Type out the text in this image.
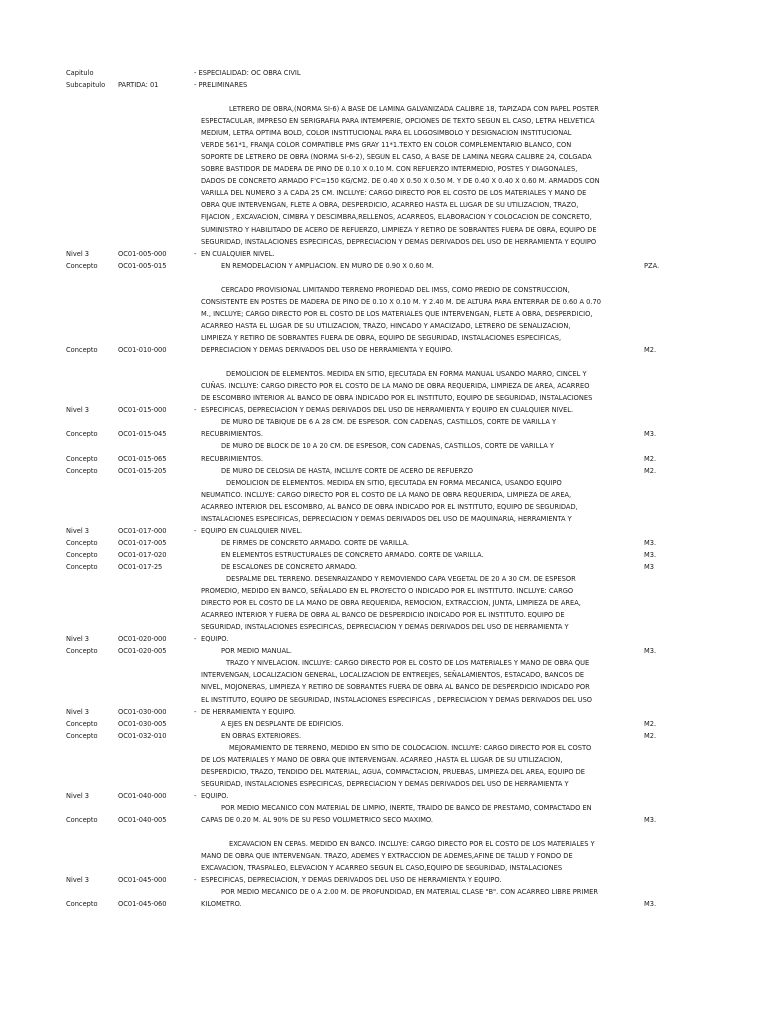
Capitulo	- ESPECIALIDAD: OC OBRA CIVIL
Subcapitulo PARTIDA: 01	- PRELIMINARES
LETRERO DE OBRA,(NORMA SI-6) A BASE DE LAMINA GALVANIZADA CALIBRE 18, TAPIZADA CON PAPEL POSTER
ESPECTACULAR, IMPRESO EN SERIGRAFIA PARA INTEMPERIE, OPCIONES DE TEXTO SEGUN EL CASO, LETRA HELVETICA
MEDIUM, LETRA OPTIMA BOLD, COLOR INSTITUCIONAL PARA EL LOGOSIMBOLO Y DESIGNACION INSTITUCIONAL
VERDE 561*1, FRANJA COLOR COMPATIBLE PMS GRAY 11*1.TEXTO EN COLOR COMPLEMENTARIO BLANCO, CON
SOPORTE DE LETRERO DE OBRA (NORMA SI-6-2), SEGUN EL CASO, A BASE DE LAMINA NEGRA CALIBRE 24, COLGADA
SOBRE BASTIDOR DE MADERA DE PINO DE 0.10 X 0.10 M. CON REFUERZO INTERMEDIO, POSTES Y DIAGONALES,
DADOS DE CONCRETO ARMADO F'C=150 KG/CM2. DE 0.40 X 0.50 X 0.50 M. Y DE 0.40 X 0.40 X 0.60 M. ARMADOS CON
VARILLA DEL NUMERO 3 A CADA 25 CM. INCLUYE: CARGO DIRECTO POR EL COSTO DE LOS MATERIALES Y MANO DE
OBRA QUE INTERVENGAN, FLETE A OBRA, DESPERDICIO, ACARREO HASTA EL LUGAR DE SU UTILIZACION, TRAZO,
FIJACION , EXCAVACION, CIMBRA Y DESCIMBRA,RELLENOS, ACARREOS, ELABORACION Y COLOCACION DE CONCRETO,
SUMINISTRO Y HABILITADO DE ACERO DE REFUERZO, LIMPIEZA Y RETIRO DE SOBRANTES FUERA DE OBRA, EQUIPO DE
SEGURIDAD, INSTALACIONES ESPECIFICAS, DEPRECIACION Y DEMAS DERIVADOS DEL USO DE HERRAMIENTA Y EQUIPO
Nivel 3	OC01-005-000	- EN CUALQUIER NIVEL.
Concepto	OC01-005-015	EN REMODELACION Y AMPLIACION. EN MURO DE 0.90 X 0.60 M.	PZA.
CERCADO PROVISIONAL LIMITANDO TERRENO PROPIEDAD DEL IMSS, COMO PREDIO DE CONSTRUCCION,
CONSISTENTE EN POSTES DE MADERA DE PINO DE 0.10 X 0.10 M. Y 2.40 M. DE ALTURA PARA ENTERRAR DE 0.60 A 0.70
M., INCLUYE; CARGO DIRECTO POR EL COSTO DE LOS MATERIALES QUE INTERVENGAN, FLETE A OBRA, DESPERDICIO,
ACARREO HASTA EL LUGAR DE SU UTILIZACION, TRAZO, HINCADO Y AMACIZADO, LETRERO DE SENALIZACION,
LIMPIEZA Y RETIRO DE SOBRANTES FUERA DE OBRA, EQUIPO DE SEGURIDAD, INSTALACIONES ESPECIFICAS,
Concepto	OC01-010-000	DEPRECIACION Y DEMAS DERIVADOS DEL USO DE HERRAMIENTA Y EQUIPO.	M2.
DEMOLICION DE ELEMENTOS. MEDIDA EN SITIO, EJECUTADA EN FORMA MANUAL USANDO MARRO, CINCEL Y
CUÑAS. INCLUYE: CARGO DIRECTO POR EL COSTO DE LA MANO DE OBRA REQUERIDA, LIMPIEZA DE AREA, ACARREO
DE ESCOMBRO INTERIOR AL BANCO DE OBRA INDICADO POR EL INSTITUTO, EQUIPO DE SEGURIDAD, INSTALACIONES
Nivel 3	OC01-015-000	- ESPECIFICAS, DEPRECIACION Y DEMAS DERIVADOS DEL USO DE HERRAMIENTA Y EQUIPO EN CUALQUIER NIVEL.
DE MURO DE TABIQUE DE 6 A 28 CM. DE ESPESOR. CON CADENAS, CASTILLOS, CORTE DE VARILLA Y
Concepto	OC01-015-045	RECUBRIMIENTOS.	M3.
DE MURO DE BLOCK DE 10 A 20 CM. DE ESPESOR, CON CADENAS, CASTILLOS, CORTE DE VARILLA Y
Concepto	OC01-015-065	RECUBRIMIENTOS.	M2.
Concepto	OC01-015-205	DE MURO DE CELOSIA DE HASTA, INCLUYE CORTE DE ACERO DE REFUERZO	M2.
DEMOLICION DE ELEMENTOS. MEDIDA EN SITIO, EJECUTADA EN FORMA MECANICA, USANDO EQUIPO
NEUMATICO. INCLUYE: CARGO DIRECTO POR EL COSTO DE LA MANO DE OBRA REQUERIDA, LIMPIEZA DE AREA,
ACARREO INTERIOR DEL ESCOMBRO, AL BANCO DE OBRA INDICADO POR EL INSTITUTO, EQUIPO DE SEGURIDAD,
INSTALACIONES ESPECIFICAS, DEPRECIACION Y DEMAS DERIVADOS DEL USO DE MAQUINARIA, HERRAMIENTA Y
Nivel 3	OC01-017-000	- EQUIPO EN CUALQUIER NIVEL.
Concepto	OC01-017-005	DE FIRMES DE CONCRETO ARMADO. CORTE DE VARILLA.	M3.
Concepto	OC01-017-020	EN ELEMENTOS ESTRUCTURALES DE CONCRETO ARMADO. CORTE DE VARILLA.	M3.
Concepto	OC01-017-25	DE ESCALONES DE CONCRETO ARMADO.	M3
DESPALME DEL TERRENO. DESENRAIZANDO Y REMOVIENDO CAPA VEGETAL DE 20 A 30 CM. DE ESPESOR
PROMEDIO, MEDIDO EN BANCO, SEÑALADO EN EL PROYECTO O INDICADO POR EL INSTITUTO. INCLUYE: CARGO
DIRECTO POR EL COSTO DE LA MANO DE OBRA REQUERIDA, REMOCION, EXTRACCION, JUNTA, LIMPIEZA DE AREA,
ACARREO INTERIOR Y FUERA DE OBRA AL BANCO DE DESPERDICIO INDICADO POR EL INSTITUTO. EQUIPO DE
SEGURIDAD, INSTALACIONES ESPECIFICAS, DEPRECIACION Y DEMAS DERIVADOS DEL USO DE HERRAMIENTA Y
Nivel 3	OC01-020-000	- EQUIPO.
Concepto	OC01-020-005	POR MEDIO MANUAL.	M3.
TRAZO Y NIVELACION. INCLUYE: CARGO DIRECTO POR EL COSTO DE LOS MATERIALES Y MANO DE OBRA QUE
INTERVENGAN, LOCALIZACION GENERAL, LOCALIZACION DE ENTREEJES, SEÑALAMIENTOS, ESTACADO, BANCOS DE
NIVEL, MOJONERAS, LIMPIEZA Y RETIRO DE SOBRANTES FUERA DE OBRA AL BANCO DE DESPERDICIO INDICADO POR
EL INSTITUTO, EQUIPO DE SEGURIDAD, INSTALACIONES ESPECIFICAS , DEPRECIACION Y DEMAS DERIVADOS DEL USO
Nivel 3	OC01-030-000	- DE HERRAMIENTA Y EQUIPO.
Concepto	OC01-030-005	A EJES EN DESPLANTE DE EDIFICIOS.	M2.
Concepto	OC01-032-010	EN OBRAS EXTERIORES.	M2.
MEJORAMIENTO DE TERRENO, MEDIDO EN SITIO DE COLOCACION. INCLUYE: CARGO DIRECTO POR EL COSTO
DE LOS MATERIALES Y MANO DE OBRA QUE INTERVENGAN. ACARREO ,HASTA EL LUGAR DE SU UTILIZACION,
DESPERDICIO, TRAZO, TENDIDO DEL MATERIAL, AGUA, COMPACTACION, PRUEBAS, LIMPIEZA DEL AREA, EQUIPO DE
SEGURIDAD, INSTALACIONES ESPECIFICAS, DEPRECIACION Y DEMAS DERIVADOS DEL USO DE HERRAMIENTA Y
Nivel 3	OC01-040-000	- EQUIPO.
POR MEDIO MECANICO CON MATERIAL DE LIMPIO, INERTE, TRAIDO DE BANCO DE PRESTAMO, COMPACTADO EN
Concepto	OC01-040-005	CAPAS DE 0.20 M. AL 90% DE SU PESO VOLUMETRICO SECO MAXIMO.	M3.
EXCAVACION EN CEPAS. MEDIDO EN BANCO. INCLUYE: CARGO DIRECTO POR EL COSTO DE LOS MATERIALES Y
MANO DE OBRA QUE INTERVENGAN. TRAZO, ADEMES Y EXTRACCION DE ADEMES,AFINE DE TALUD Y FONDO DE
EXCAVACION, TRASPALEO, ELEVACION Y ACARREO SEGUN EL CASO,EQUIPO DE SEGURIDAD, INSTALACIONES
Nivel 3	OC01-045-000	- ESPECIFICAS, DEPRECIACION, Y DEMAS DERIVADOS DEL USO DE HERRAMIENTA Y EQUIPO.
POR MEDIO MECANICO DE 0 A 2.00 M. DE PROFUNDIDAD, EN MATERIAL CLASE "B". CON ACARREO LIBRE PRIMER
Concepto	OC01-045-060	KILOMETRO.	M3.
